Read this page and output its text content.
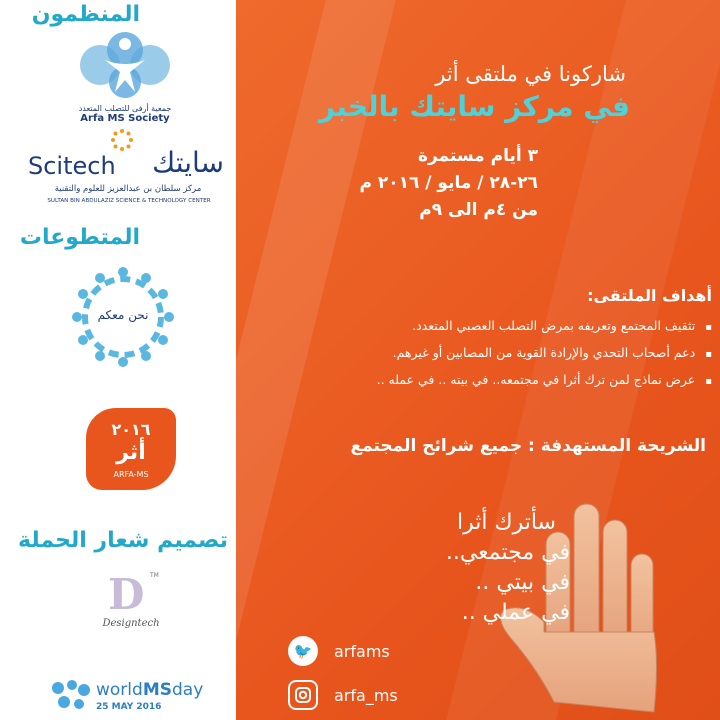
المنظمون
جمعية أرفى للتصلب المتعدد
Arfa MS Society
Scitech سايتك
مركز سلطان بن عبدالعزيز للعلوم والتقنية
SULTAN BIN ABDULAZIZ SCIENCE & TECHNOLOGY CENTER
المتطوعات
نحن معكم
٢٠١٦
أثر
ARFA-MS
تصميم شعار الحملة
D TM
Designtech
worldMSday
25 MAY 2016
شاركونا في ملتقى أثر
في مركز سايتك بالخبر
٣ أيام مستمرة
٢٦-٢٨ / مايو / ٢٠١٦ م
من ٤م الى ٩م
أهداف الملتقى:
▪ تثقيف المجتمع وتعريفه بمرض التصلب العصبي المتعدد.
▪ دعم أصحاب التحدي والإرادة القوية من المصابين أو غيرهم.
▪ عرض نماذج لمن ترك أثرا في مجتمعه.. في بيته .. في عمله ..
الشريحة المستهدفة : جميع شرائح المجتمع
سأترك أثرا
في مجتمعي..
في بيتي ..
في عملي ..
🐦	arfams
arfa_ms
